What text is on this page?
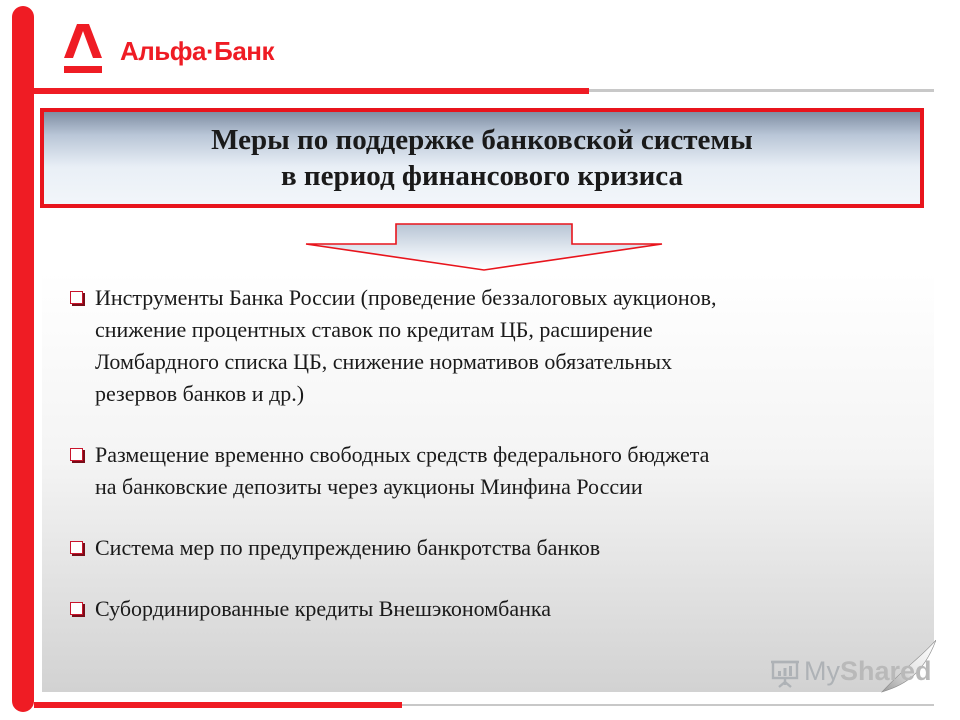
Альфа·Банк
Меры по поддержке банковской системы
в период финансового кризиса
Инструменты Банка России (проведение беззалоговых аукционов,
снижение процентных ставок по кредитам ЦБ, расширение
Ломбардного списка ЦБ, снижение нормативов обязательных
резервов банков и др.)
Размещение временно свободных средств федерального бюджета
на банковские депозиты через аукционы Минфина России
Система мер по предупреждению банкротства банков
Субординированные кредиты Внешэкономбанка
MyShared
